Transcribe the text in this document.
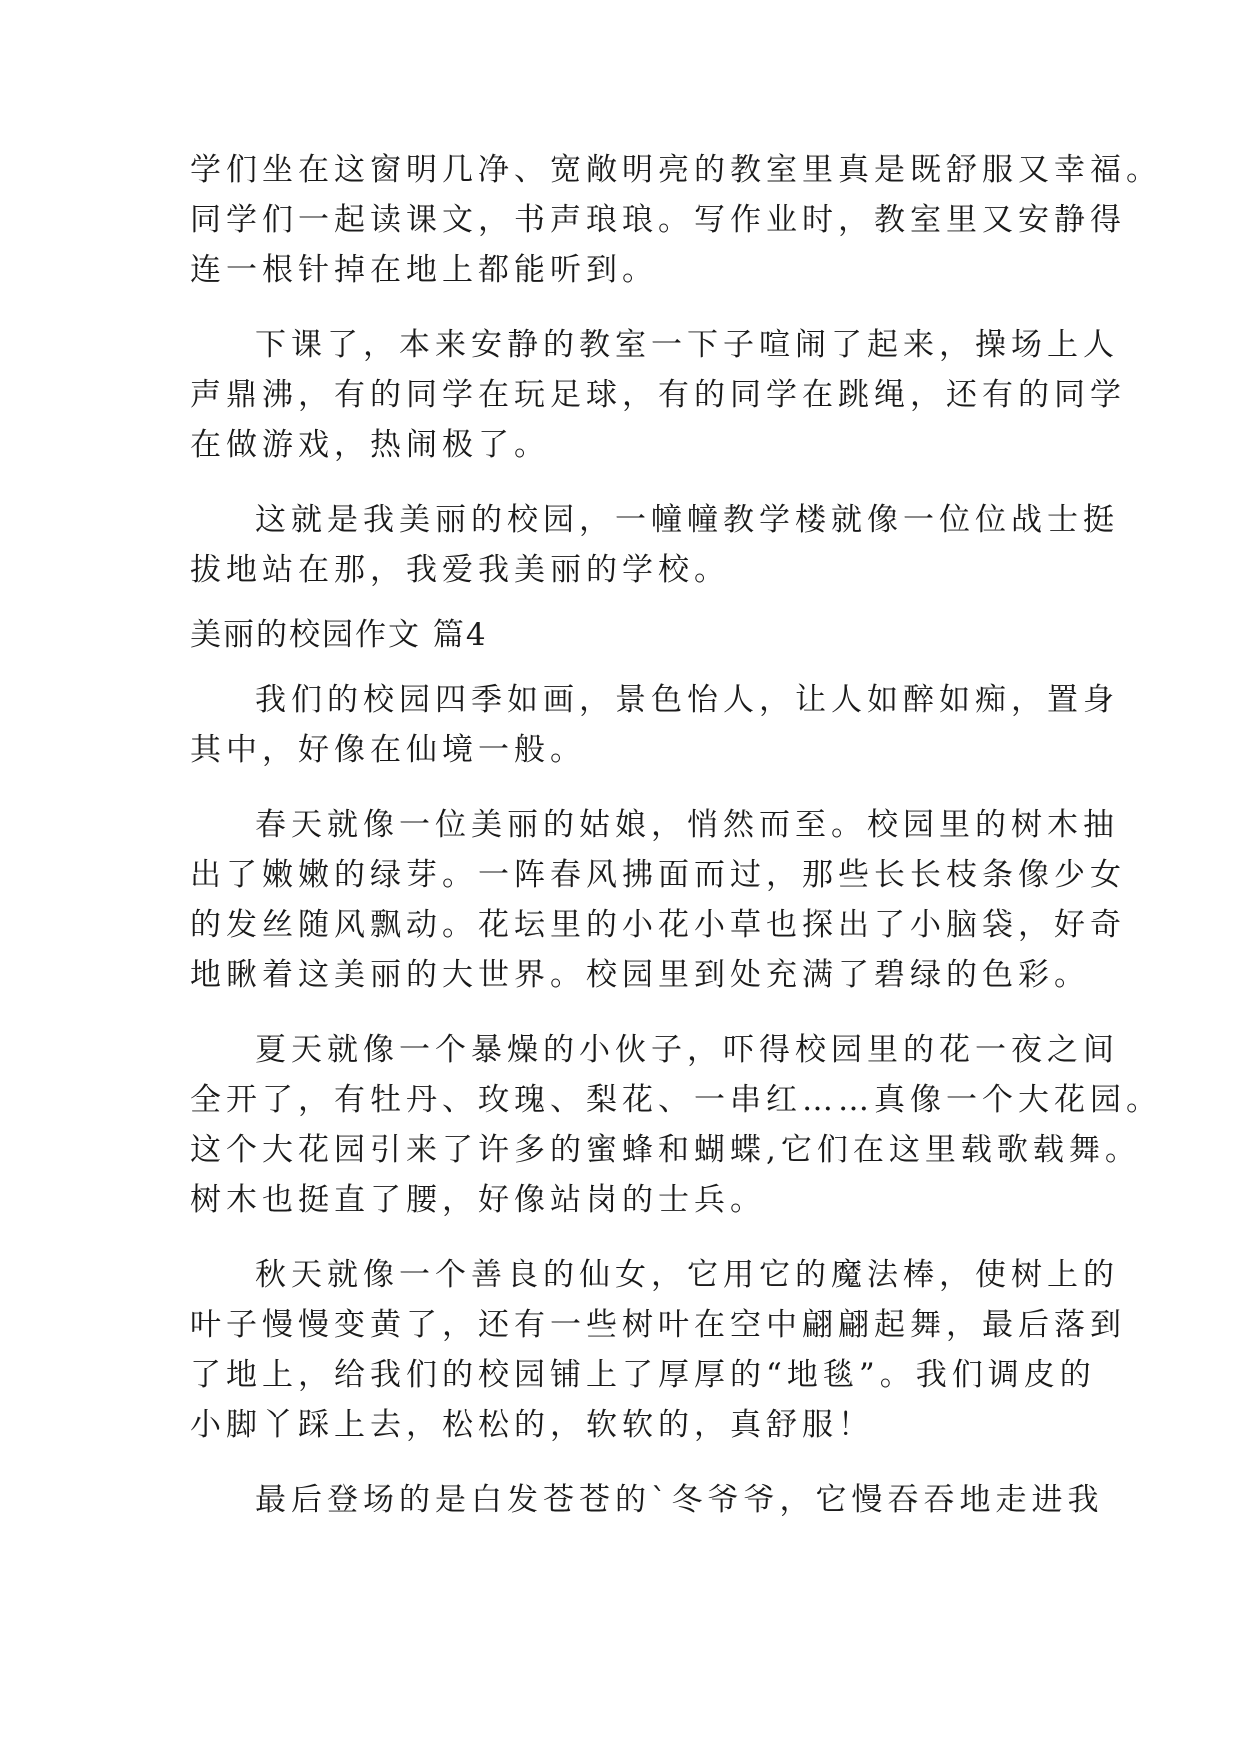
学们坐在这窗明几净、宽敞明亮的教室里真是既舒服又幸福。
同学们一起读课文，书声琅琅。写作业时，教室里又安静得
连一根针掉在地上都能听到。
下课了，本来安静的教室一下子喧闹了起来，操场上人
声鼎沸，有的同学在玩足球，有的同学在跳绳，还有的同学
在做游戏，热闹极了。
这就是我美丽的校园，一幢幢教学楼就像一位位战士挺
拔地站在那，我爱我美丽的学校。
美丽的校园作文 篇4
我们的校园四季如画，景色怡人，让人如醉如痴，置身
其中，好像在仙境一般。
春天就像一位美丽的姑娘，悄然而至。校园里的树木抽
出了嫩嫩的绿芽。一阵春风拂面而过，那些长长枝条像少女
的发丝随风飘动。花坛里的小花小草也探出了小脑袋，好奇
地瞅着这美丽的大世界。校园里到处充满了碧绿的色彩。
夏天就像一个暴燥的小伙子，吓得校园里的花一夜之间
全开了，有牡丹、玫瑰、梨花、一串红……真像一个大花园。
这个大花园引来了许多的蜜蜂和蝴蝶,它们在这里载歌载舞。
树木也挺直了腰，好像站岗的士兵。
秋天就像一个善良的仙女，它用它的魔法棒，使树上的
叶子慢慢变黄了，还有一些树叶在空中翩翩起舞，最后落到
了地上，给我们的校园铺上了厚厚的“地毯”。我们调皮的
小脚丫踩上去，松松的，软软的，真舒服！
最后登场的是白发苍苍的`冬爷爷，它慢吞吞地走进我
